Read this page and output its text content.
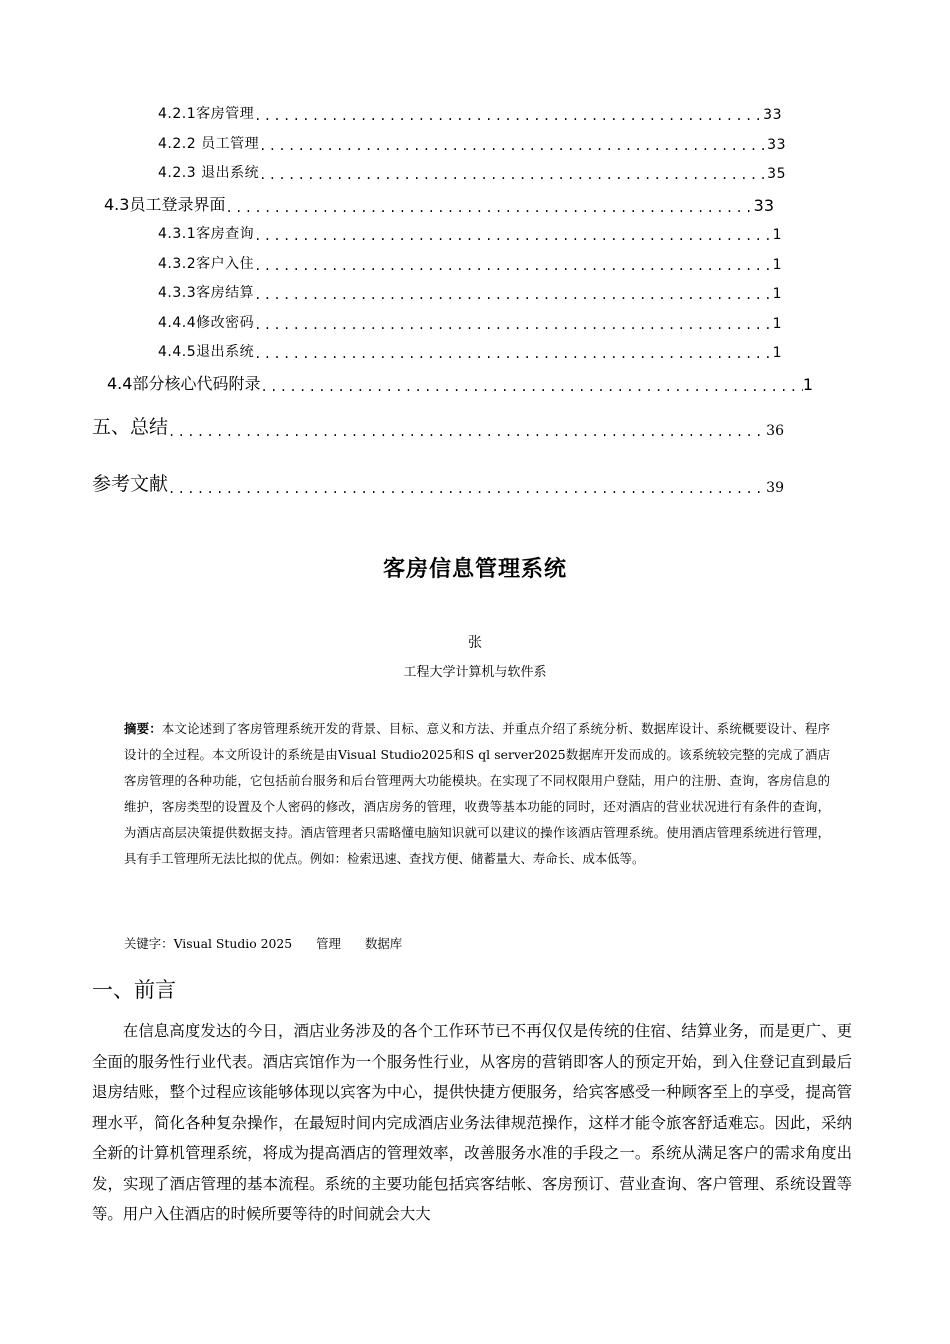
4.2.1客房管理 .....	33
4.2.2 员工管理 .....	33
4.2.3 退出系统 .....	35
4.3员工登录界面 .....	33
4.3.1客房查询 .....	1
4.3.2客户入住 .....	1
4.3.3客房结算 .....	1
4.4.4修改密码 .....	1
4.4.5退出系统 .....	1
4.4部分核心代码附录 .....	1
五、总结 .....	36
参考文献 .....	39
客房信息管理系统
张
工程大学计算机与软件系
摘要：本文论述到了客房管理系统开发的背景、目标、意义和方法、并重点介绍了系统分析、数据库设计、系统概要设计、程序设计的全过程。本文所设计的系统是由Visual Studio2025和S ql server2025数据库开发而成的。该系统较完整的完成了酒店客房管理的各种功能，它包括前台服务和后台管理两大功能模块。在实现了不同权限用户登陆，用户的注册、查询，客房信息的维护，客房类型的设置及个人密码的修改，酒店房务的管理，收费等基本功能的同时，还对酒店的营业状况进行有条件的查询，为酒店高层决策提供数据支持。酒店管理者只需略懂电脑知识就可以建议的操作该酒店管理系统。使用酒店管理系统进行管理，具有手工管理所无法比拟的优点。例如：检索迅速、查找方便、储蓄量大、寿命长、成本低等。
关键字：Visual Studio 2025 管理 数据库
一、前言
在信息高度发达的今日，酒店业务涉及的各个工作环节已不再仅仅是传统的住宿、结算业务，而是更广、更全面的服务性行业代表。酒店宾馆作为一个服务性行业，从客房的营销即客人的预定开始，到入住登记直到最后退房结账，整个过程应该能够体现以宾客为中心，提供快捷方便服务，给宾客感受一种顾客至上的享受，提高管理水平，简化各种复杂操作，在最短时间内完成酒店业务法律规范操作，这样才能令旅客舒适难忘。因此，采纳全新的计算机管理系统，将成为提高酒店的管理效率，改善服务水准的手段之一。系统从满足客户的需求角度出发，实现了酒店管理的基本流程。系统的主要功能包括宾客结帐、客房预订、营业查询、客户管理、系统设置等等。用户入住酒店的时候所要等待的时间就会大大
